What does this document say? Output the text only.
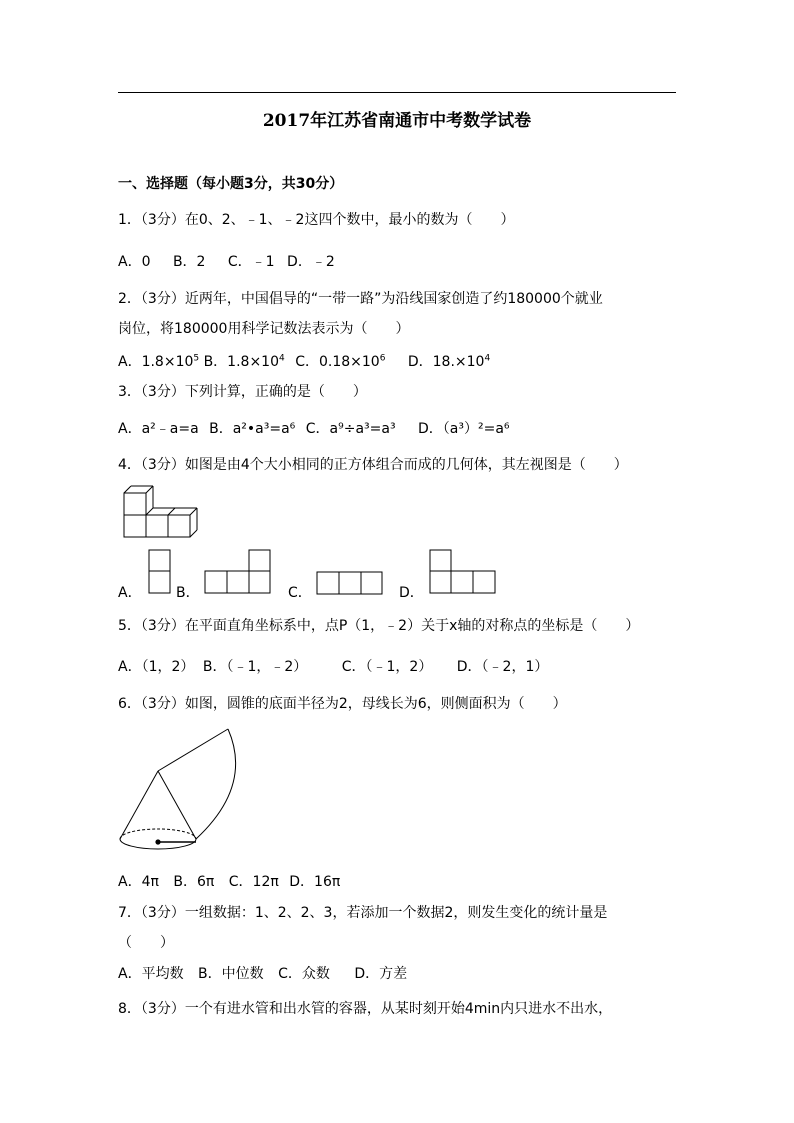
2017年江苏省南通市中考数学试卷
一、选择题（每小题3分，共30分）
1．（3分）在0、2、﹣1、﹣2这四个数中，最小的数为（　　）
A．0 B．2 C．﹣1 D．﹣2
2．（3分）近两年，中国倡导的“一带一路”为沿线国家创造了约180000个就业
岗位，将180000用科学记数法表示为（　　）
A．$1.8\times 10^5$ B．$1.8\times 10^4$ C．$0.18\times 10^6$ D．$18.\times 10^4$
3．（3分）下列计算，正确的是（　　）
A．a²﹣a=a B．a²•a³=a⁶ C．a⁹÷a³=a³ D．（a³）²=a⁶
4．（3分）如图是由4个大小相同的正方体组合而成的几何体，其左视图是（　　）
A． B．	C．	D．
5．（3分）在平面直角坐标系中，点P（1，﹣2）关于x轴的对称点的坐标是（　　）
A．（1，2） B．（﹣1，﹣2） C．（﹣1，2） D．（﹣2，1）
6．（3分）如图，圆锥的底面半径为2，母线长为6，则侧面积为（　　）
A．4π B．6π C．12π D．16π
7．（3分）一组数据：1、2、2、3，若添加一个数据2，则发生变化的统计量是
（　　）
A．平均数 B．中位数 C．众数 D．方差
8．（3分）一个有进水管和出水管的容器，从某时刻开始4min内只进水不出水，
